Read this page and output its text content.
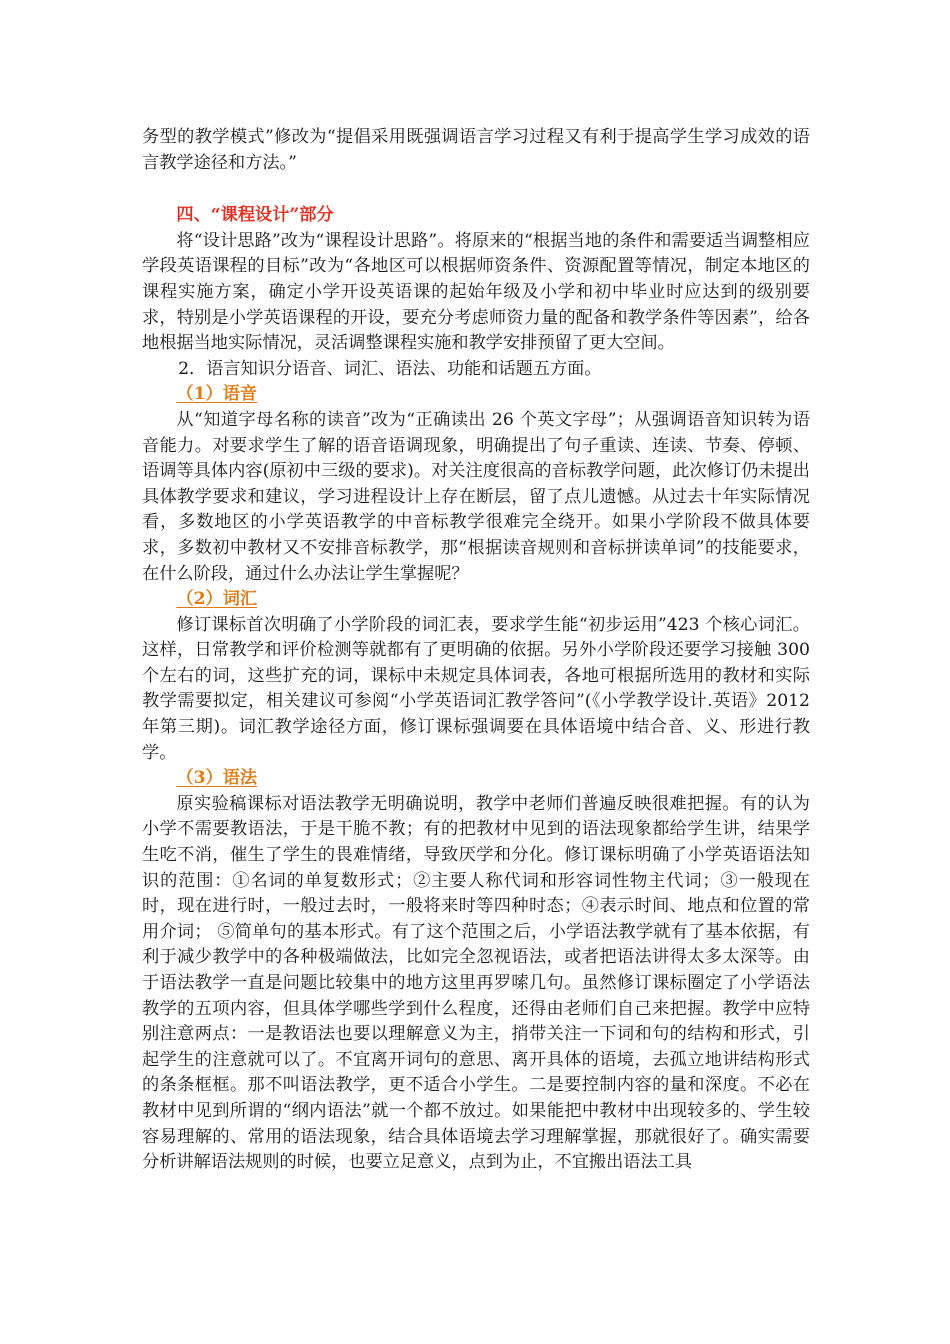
务型的教学模式”修改为“提倡采用既强调语言学习过程又有利于提高学生学习成效的语言教学途径和方法。”

四、“课程设计”部分

将“设计思路”改为“课程设计思路”。将原来的“根据当地的条件和需要适当调整相应学段英语课程的目标”改为“各地区可以根据师资条件、资源配置等情况，制定本地区的课程实施方案，确定小学开设英语课的起始年级及小学和初中毕业时应达到的级别要求，特别是小学英语课程的开设，要充分考虑师资力量的配备和教学条件等因素”，给各地根据当地实际情况，灵活调整课程实施和教学安排预留了更大空间。

2．语言知识分语音、词汇、语法、功能和话题五方面。

（1）语音

从“知道字母名称的读音”改为“正确读出 26 个英文字母”；从强调语音知识转为语音能力。对要求学生了解的语音语调现象，明确提出了句子重读、连读、节奏、停顿、语调等具体内容(原初中三级的要求)。对关注度很高的音标教学问题，此次修订仍未提出具体教学要求和建议，学习进程设计上存在断层，留了点儿遗憾。从过去十年实际情况看，多数地区的小学英语教学的中音标教学很难完全绕开。如果小学阶段不做具体要求，多数初中教材又不安排音标教学，那“根据读音规则和音标拼读单词”的技能要求，在什么阶段，通过什么办法让学生掌握呢？

（2）词汇

修订课标首次明确了小学阶段的词汇表，要求学生能“初步运用”423 个核心词汇。这样，日常教学和评价检测等就都有了更明确的依据。另外小学阶段还要学习接触 300 个左右的词，这些扩充的词，课标中未规定具体词表，各地可根据所选用的教材和实际教学需要拟定，相关建议可参阅“小学英语词汇教学答问”(《小学教学设计.英语》2012 年第三期)。词汇教学途径方面，修订课标强调要在具体语境中结合音、义、形进行教学。

（3）语法

原实验稿课标对语法教学无明确说明，教学中老师们普遍反映很难把握。有的认为小学不需要教语法，于是干脆不教；有的把教材中见到的语法现象都给学生讲，结果学生吃不消，催生了学生的畏难情绪，导致厌学和分化。修订课标明确了小学英语语法知识的范围：①名词的单复数形式；②主要人称代词和形容词性物主代词；③一般现在时，现在进行时，一般过去时，一般将来时等四种时态；④表示时间、地点和位置的常用介词； ⑤简单句的基本形式。有了这个范围之后，小学语法教学就有了基本依据，有利于减少教学中的各种极端做法，比如完全忽视语法，或者把语法讲得太多太深等。由于语法教学一直是问题比较集中的地方这里再罗嗦几句。虽然修订课标圈定了小学语法教学的五项内容，但具体学哪些学到什么程度，还得由老师们自己来把握。教学中应特别注意两点：一是教语法也要以理解意义为主，捎带关注一下词和句的结构和形式，引起学生的注意就可以了。不宜离开词句的意思、离开具体的语境，去孤立地讲结构形式的条条框框。那不叫语法教学，更不适合小学生。二是要控制内容的量和深度。不必在教材中见到所谓的“纲内语法”就一个都不放过。如果能把中教材中出现较多的、学生较容易理解的、常用的语法现象，结合具体语境去学习理解掌握，那就很好了。确实需要分析讲解语法规则的时候，也要立足意义，点到为止，不宜搬出语法工具
